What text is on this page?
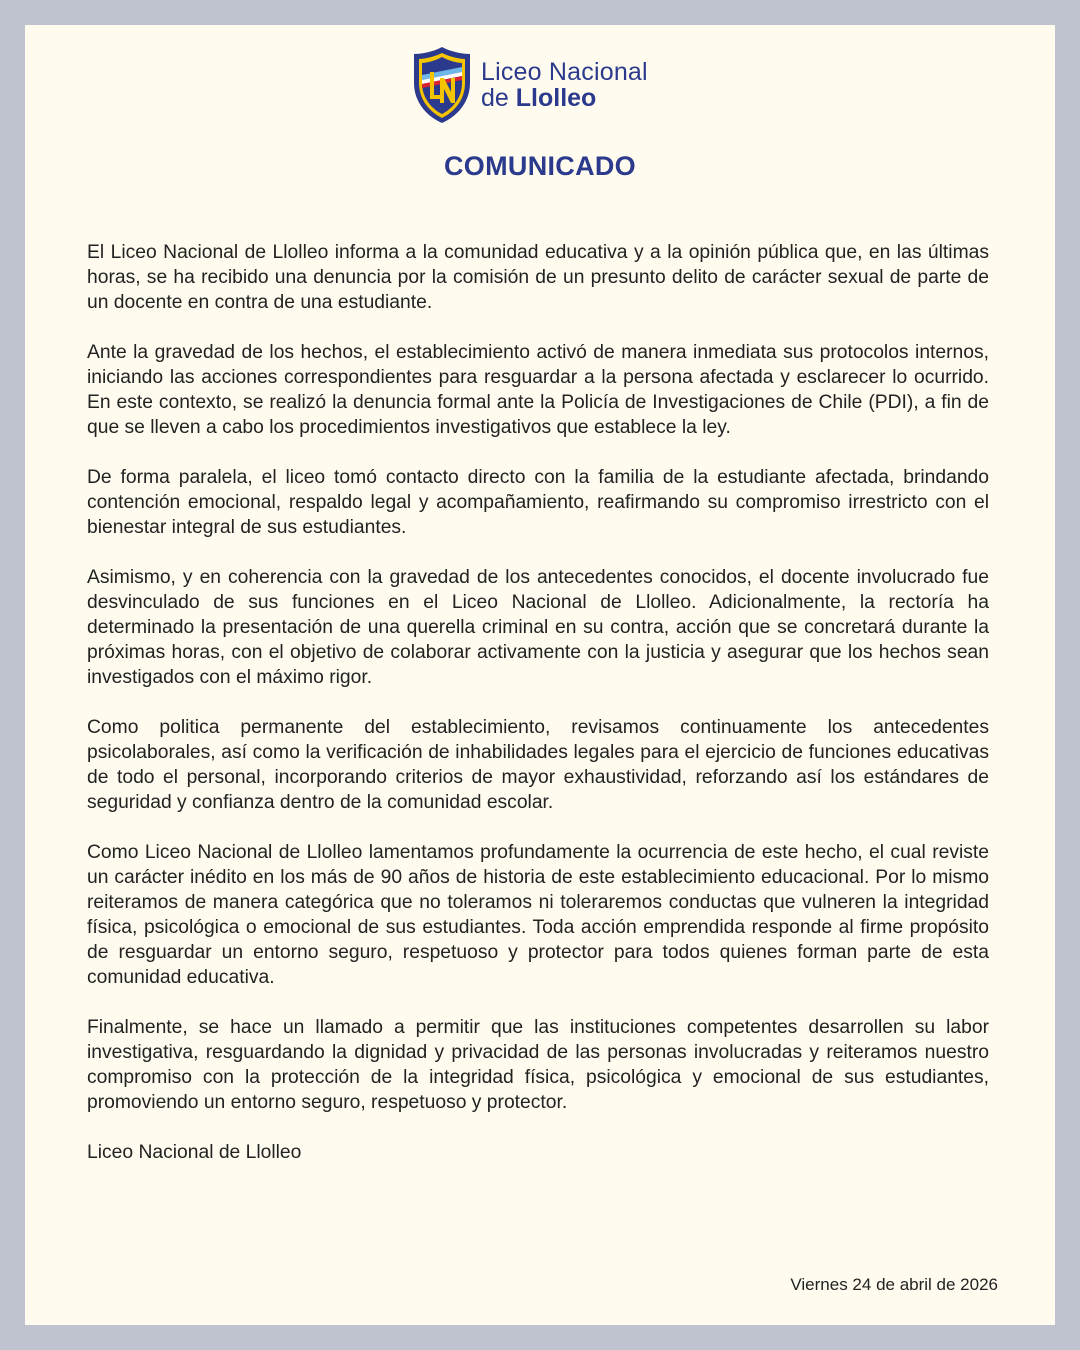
Liceo Nacional
de Llolleo
COMUNICADO

El Liceo Nacional de Llolleo informa a la comunidad educativa y a la opinión pública que, en las últimas horas, se ha recibido una denuncia por la comisión de un presunto delito de carácter sexual de parte de un docente en contra de una estudiante.

Ante la gravedad de los hechos, el establecimiento activó de manera inmediata sus protocolos internos, iniciando las acciones correspondientes para resguardar a la persona afectada y esclarecer lo ocurrido. En este contexto, se realizó la denuncia formal ante la Policía de Investigaciones de Chile (PDI), a fin de que se lleven a cabo los procedimientos investigativos que establece la ley.

De forma paralela, el liceo tomó contacto directo con la familia de la estudiante afectada, brindando contención emocional, respaldo legal y acompañamiento, reafirmando su compromiso irrestricto con el bienestar integral de sus estudiantes.

Asimismo, y en coherencia con la gravedad de los antecedentes conocidos, el docente involucrado fue desvinculado de sus funciones en el Liceo Nacional de Llolleo. Adicionalmente, la rectoría ha determinado la presentación de una querella criminal en su contra, acción que se concretará durante la próximas horas, con el objetivo de colaborar activamente con la justicia y asegurar que los hechos sean investigados con el máximo rigor.

Como politica permanente del establecimiento, revisamos continuamente los antecedentes psicolaborales, así como la verificación de inhabilidades legales para el ejercicio de funciones educativas de todo el personal, incorporando criterios de mayor exhaustividad, reforzando así los estándares de seguridad y confianza dentro de la comunidad escolar.

Como Liceo Nacional de Llolleo lamentamos profundamente la ocurrencia de este hecho, el cual reviste un carácter inédito en los más de 90 años de historia de este establecimiento educacional. Por lo mismo reiteramos de manera categórica que no toleramos ni toleraremos conductas que vulneren la integridad física, psicológica o emocional de sus estudiantes. Toda acción emprendida responde al firme propósito de resguardar un entorno seguro, respetuoso y protector para todos quienes forman parte de esta comunidad educativa.

Finalmente, se hace un llamado a permitir que las instituciones competentes desarrollen su labor investigativa, resguardando la dignidad y privacidad de las personas involucradas y reiteramos nuestro compromiso con la protección de la integridad física, psicológica y emocional de sus estudiantes, promoviendo un entorno seguro, respetuoso y protector.

Liceo Nacional de Llolleo

Viernes 24 de abril de 2026
